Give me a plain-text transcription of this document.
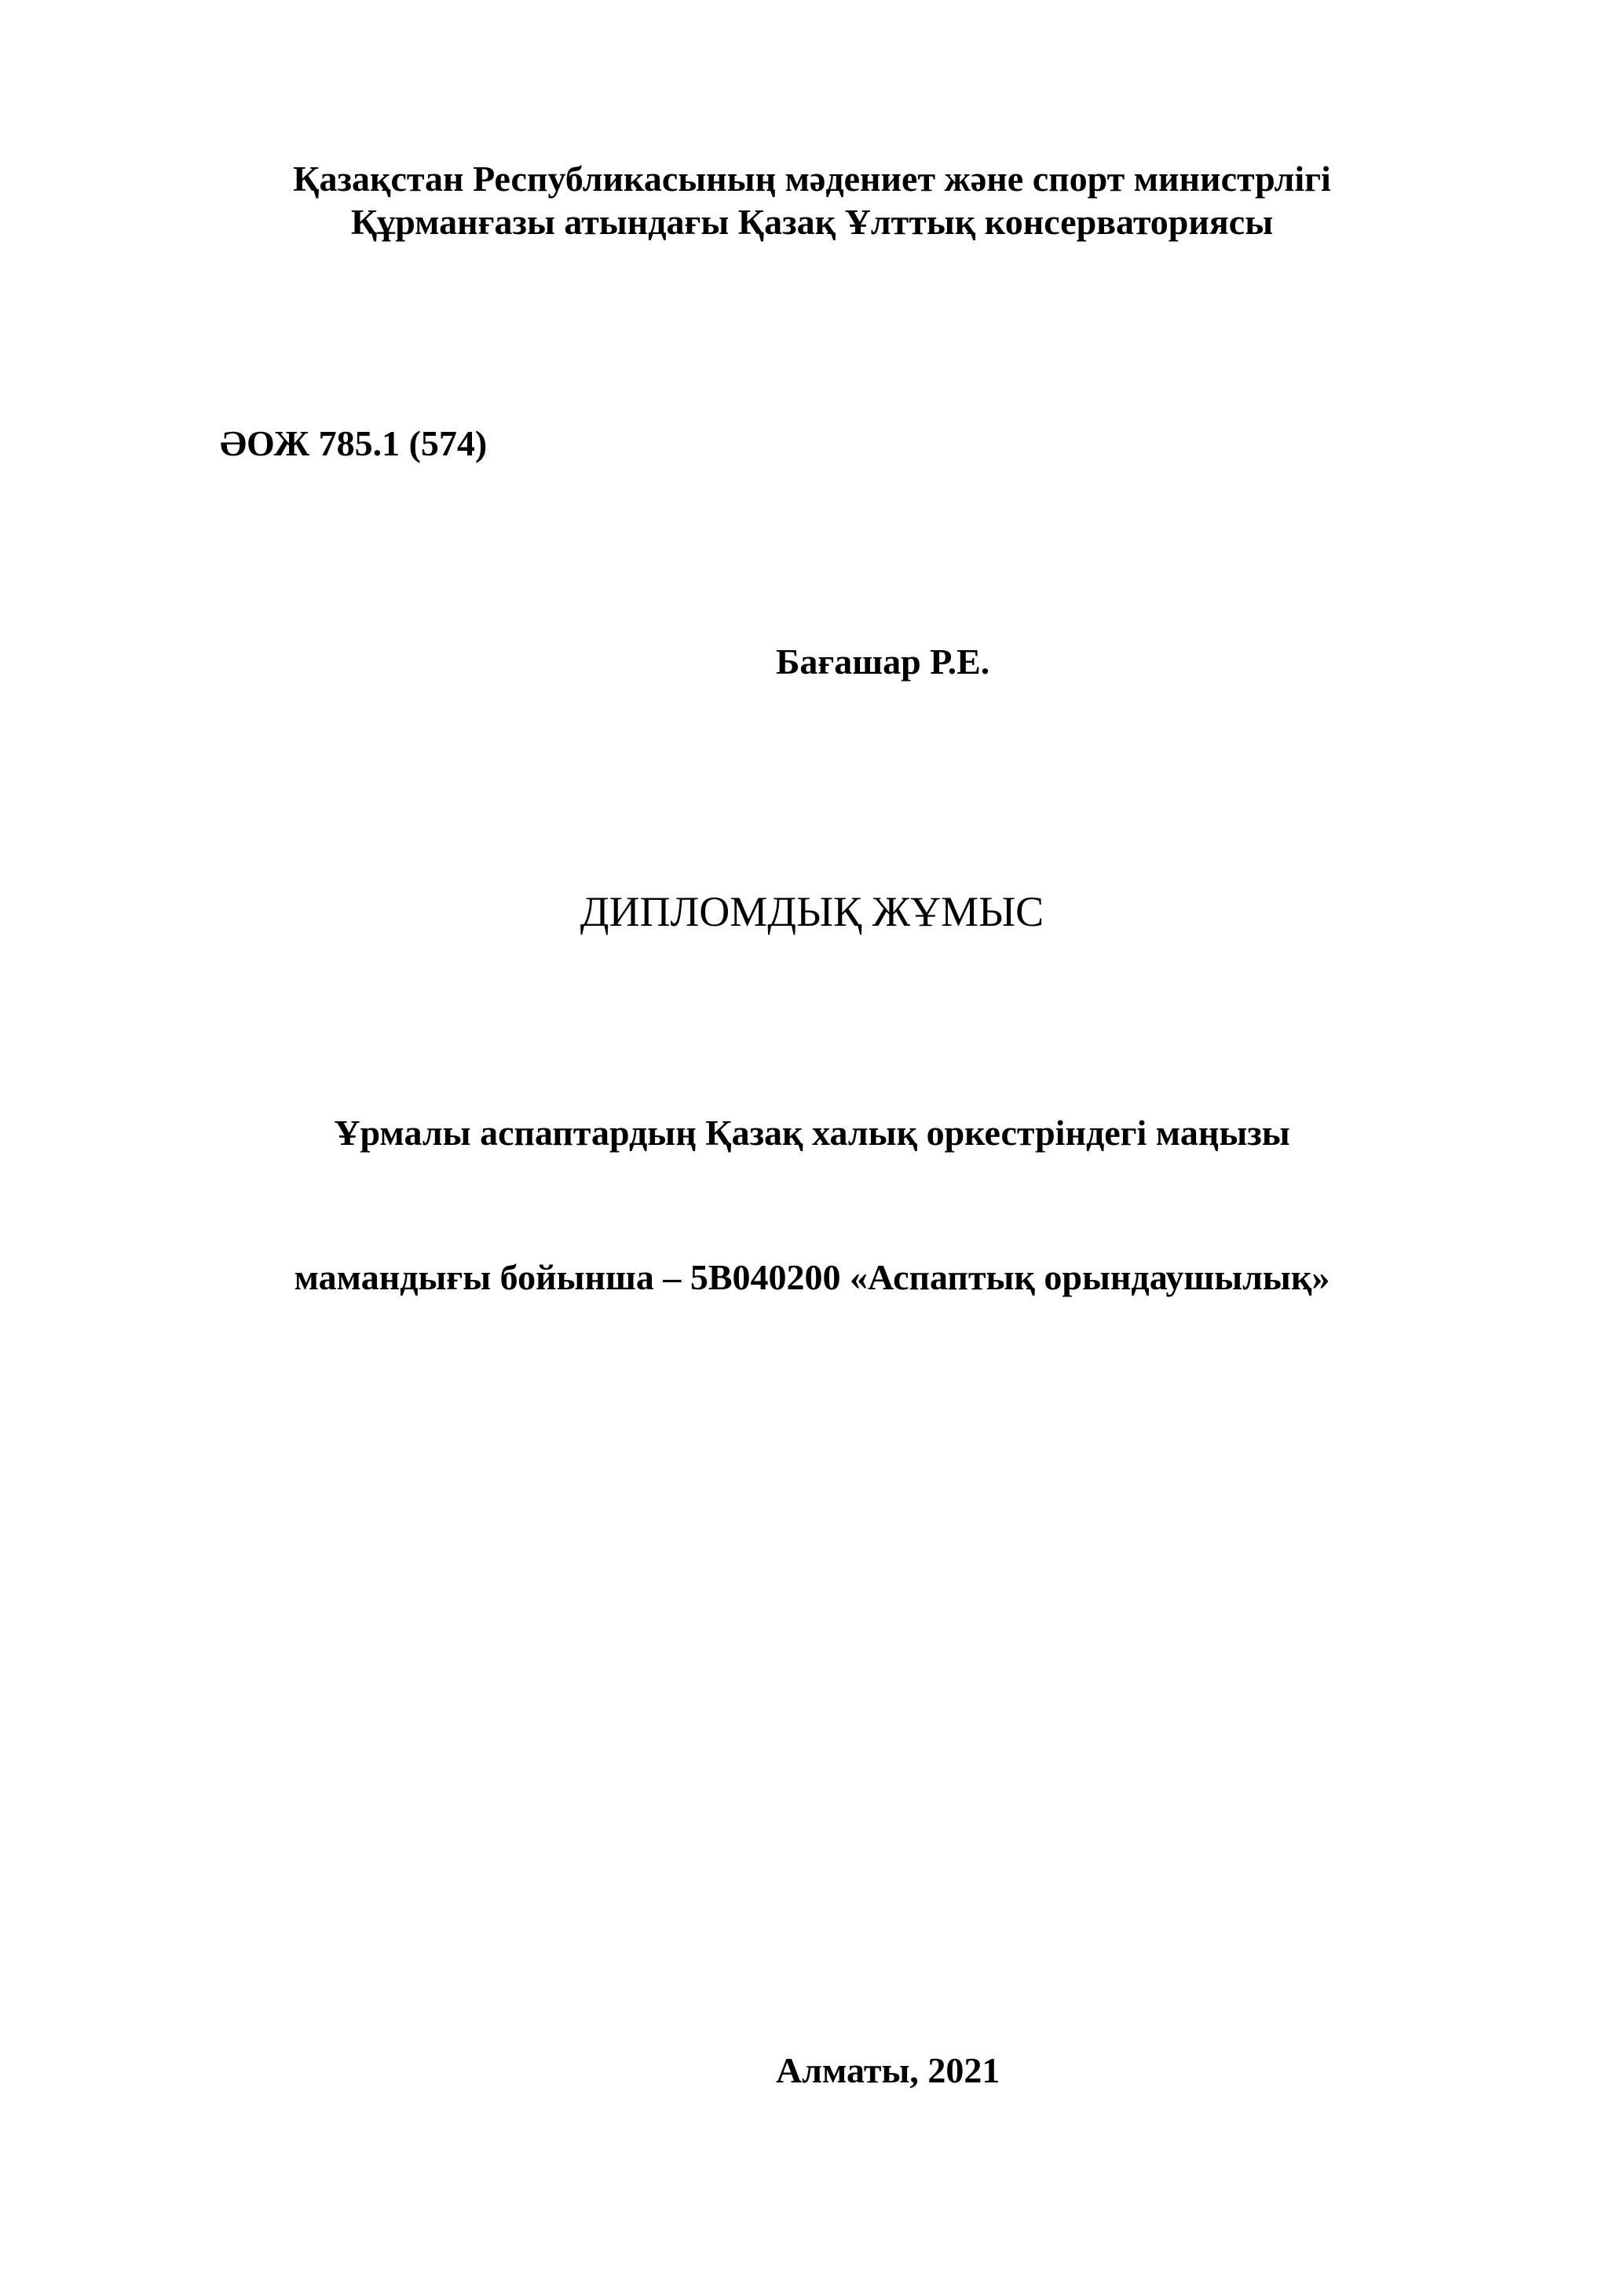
Қазақстан Республикасының мәдениет және спорт министрлігі
Құрманғазы атындағы Қазақ Ұлттық консерваториясы
ӘОЖ 785.1 (574)
Бағашар Р.Е.
ДИПЛОМДЫҚ ЖҰМЫС
Ұрмалы аспаптардың Қазақ халық оркестріндегі маңызы
мамандығы бойынша – 5В040200 «Аспаптық орындаушылық»
Алматы, 2021
